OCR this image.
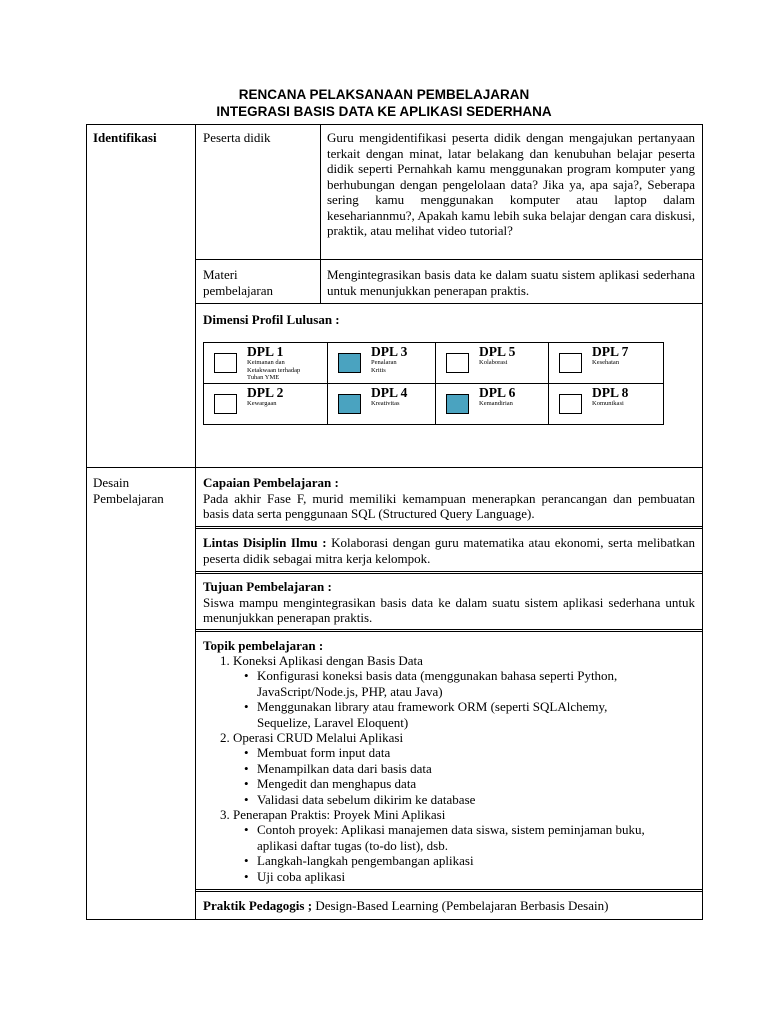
RENCANA PELAKSANAAN PEMBELAJARAN
INTEGRASI BASIS DATA KE APLIKASI SEDERHANA
Identifikasi	Peserta didik	Guru mengidentifikasi peserta didik dengan mengajukan pertanyaan terkait dengan minat, latar belakang dan kenubuhan belajar peserta didik seperti Pernahkah kamu menggunakan program komputer yang berhubungan dengan pengelolaan data? Jika ya, apa saja?, Seberapa sering kamu menggunakan komputer atau laptop dalam kesehariannmu?, Apakah kamu lebih suka belajar dengan cara diskusi, praktik, atau melihat video tutorial?
Materi
pembelajaran
Mengintegrasikan basis data ke dalam suatu sistem aplikasi sederhana untuk menunjukkan penerapan praktis.
Dimensi Profil Lulusan :
DPL 1
Keimanan dan
Ketakwaan terhadap
Tuhan YME
DPL 3
Penalaran
Kritis
DPL 5
Kolaborasi
DPL 7
Kesehatan
DPL 2
Kewargaan
DPL 4
Kreativitas
DPL 6
Kemandirian
DPL 8
Komunikasi
Desain
Pembelajaran
Capaian Pembelajaran :
Pada akhir Fase F, murid memiliki kemampuan menerapkan perancangan dan pembuatan basis data serta penggunaan SQL (Structured Query Language).
Lintas Disiplin Ilmu : Kolaborasi dengan guru matematika atau ekonomi, serta melibatkan peserta didik sebagai mitra kerja kelompok.
Tujuan Pembelajaran :
Siswa mampu mengintegrasikan basis data ke dalam suatu sistem aplikasi sederhana untuk menunjukkan penerapan praktis.
Topik pembelajaran :
1. Koneksi Aplikasi dengan Basis Data
• Konfigurasi koneksi basis data (menggunakan bahasa seperti Python,
JavaScript/Node.js, PHP, atau Java)
• Menggunakan library atau framework ORM (seperti SQLAlchemy,
Sequelize, Laravel Eloquent)
2. Operasi CRUD Melalui Aplikasi
• Membuat form input data
• Menampilkan data dari basis data
• Mengedit dan menghapus data
• Validasi data sebelum dikirim ke database
3. Penerapan Praktis: Proyek Mini Aplikasi
• Contoh proyek: Aplikasi manajemen data siswa, sistem peminjaman buku,
aplikasi daftar tugas (to-do list), dsb.
• Langkah-langkah pengembangan aplikasi
• Uji coba aplikasi
Praktik Pedagogis ; Design-Based Learning (Pembelajaran Berbasis Desain)
